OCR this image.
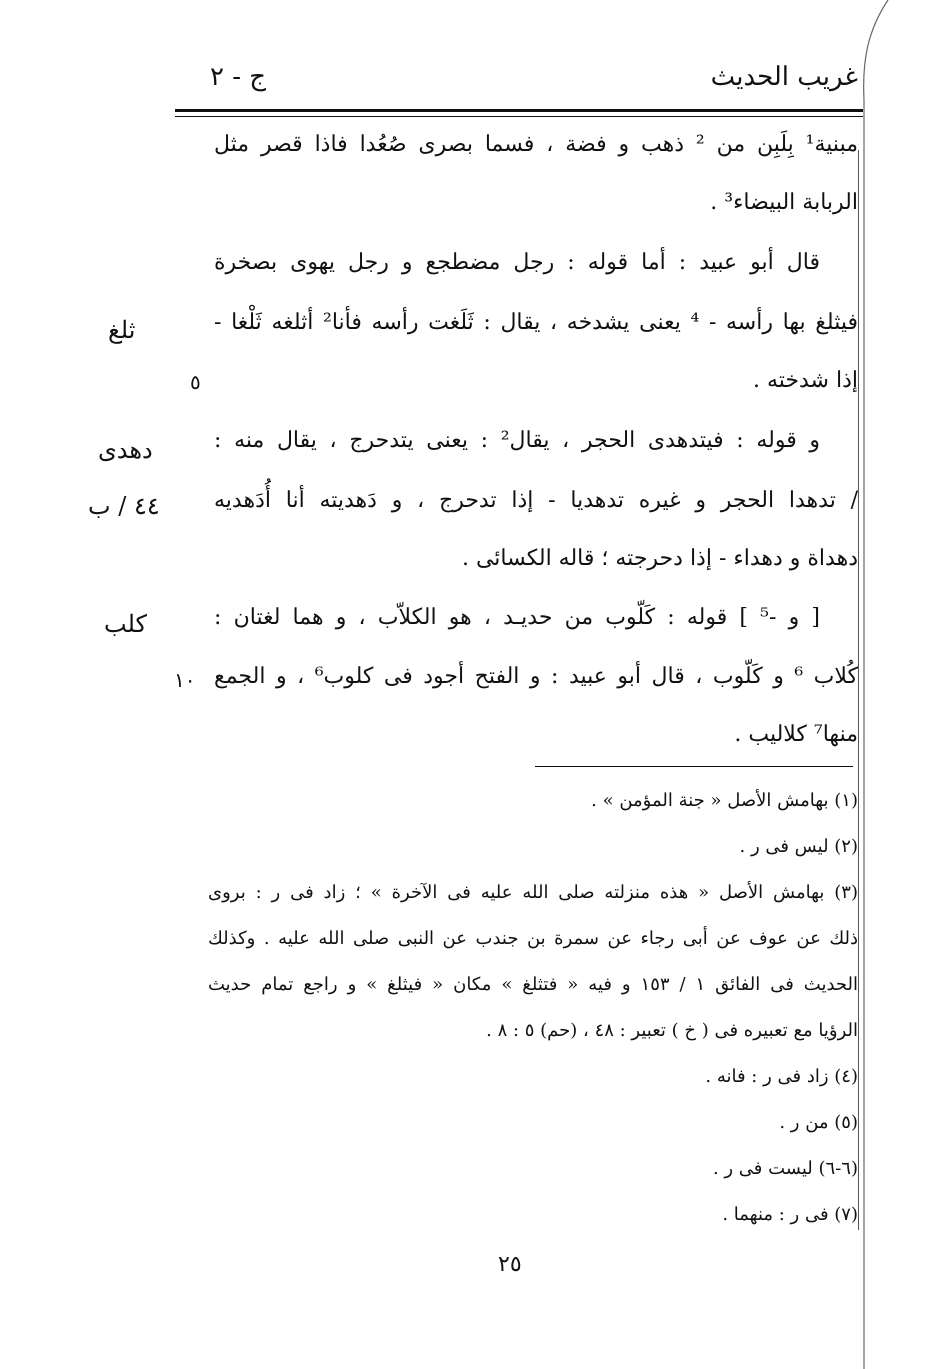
غريب الحديث
ج - ٢
مبنية¹ بِلَبِن من ² ذهب و فضة ، فسما بصرى صُعُدا فاذا قصر مثل
الربابة البيضاء³ .
قال أبو عبيد : أما قوله : رجل مضطجع و رجل يهوى بصخرة
فيثلغ بها رأسه - ⁴ يعنى يشدخه ، يقال : ثَلَغت رأسه فأنا² أثلغه ثَلْغا -
إذا شدخته .
و قوله : فيتدهدى الحجر ، يقال² : يعنى يتدحرج ، يقال منه :
/ تدهدا الحجر و غيره تدهديا - إذا تدحرج ، و دَهديته أنا أُدَهديه
دهداة و دهداء - إذا دحرجته ؛ قاله الكسائى .
[ و -⁵ ] قوله : كَلّوب من حديـد ، هو الكلاّب ، و هما لغتان :
كُلاب ⁶ و كَلّوب ، قال أبو عبيد : و الفتح أجود فى كلوب⁶ ، و الجمع
منها⁷ كلاليب .
ثلغ
٥
دهدى
٤٤ / ب
كلب
١٠
(١) بهامش الأصل « جنة المؤمن » .
(٢) ليس فى ر .
(٣) بهامش الأصل « هذه منزلته صلى الله عليه فى الآخرة » ؛ زاد فى ر : بروى
ذلك عن عوف عن أبى رجاء عن سمرة بن جندب عن النبى صلى الله عليه . وكذلك
الحديث فى الفائق ١ / ١٥٣ و فيه « فتثلغ » مكان « فيثلغ » و راجع تمام حديث
الرؤيا مع تعبيره فى ( خ ) تعبير : ٤٨ ، (حم) ٥ : ٨ .
(٤) زاد فى ر : فانه .
(٥) من ر .
(٦-٦) ليست فى ر .
(٧) فى ر : منهما .
٢٥
